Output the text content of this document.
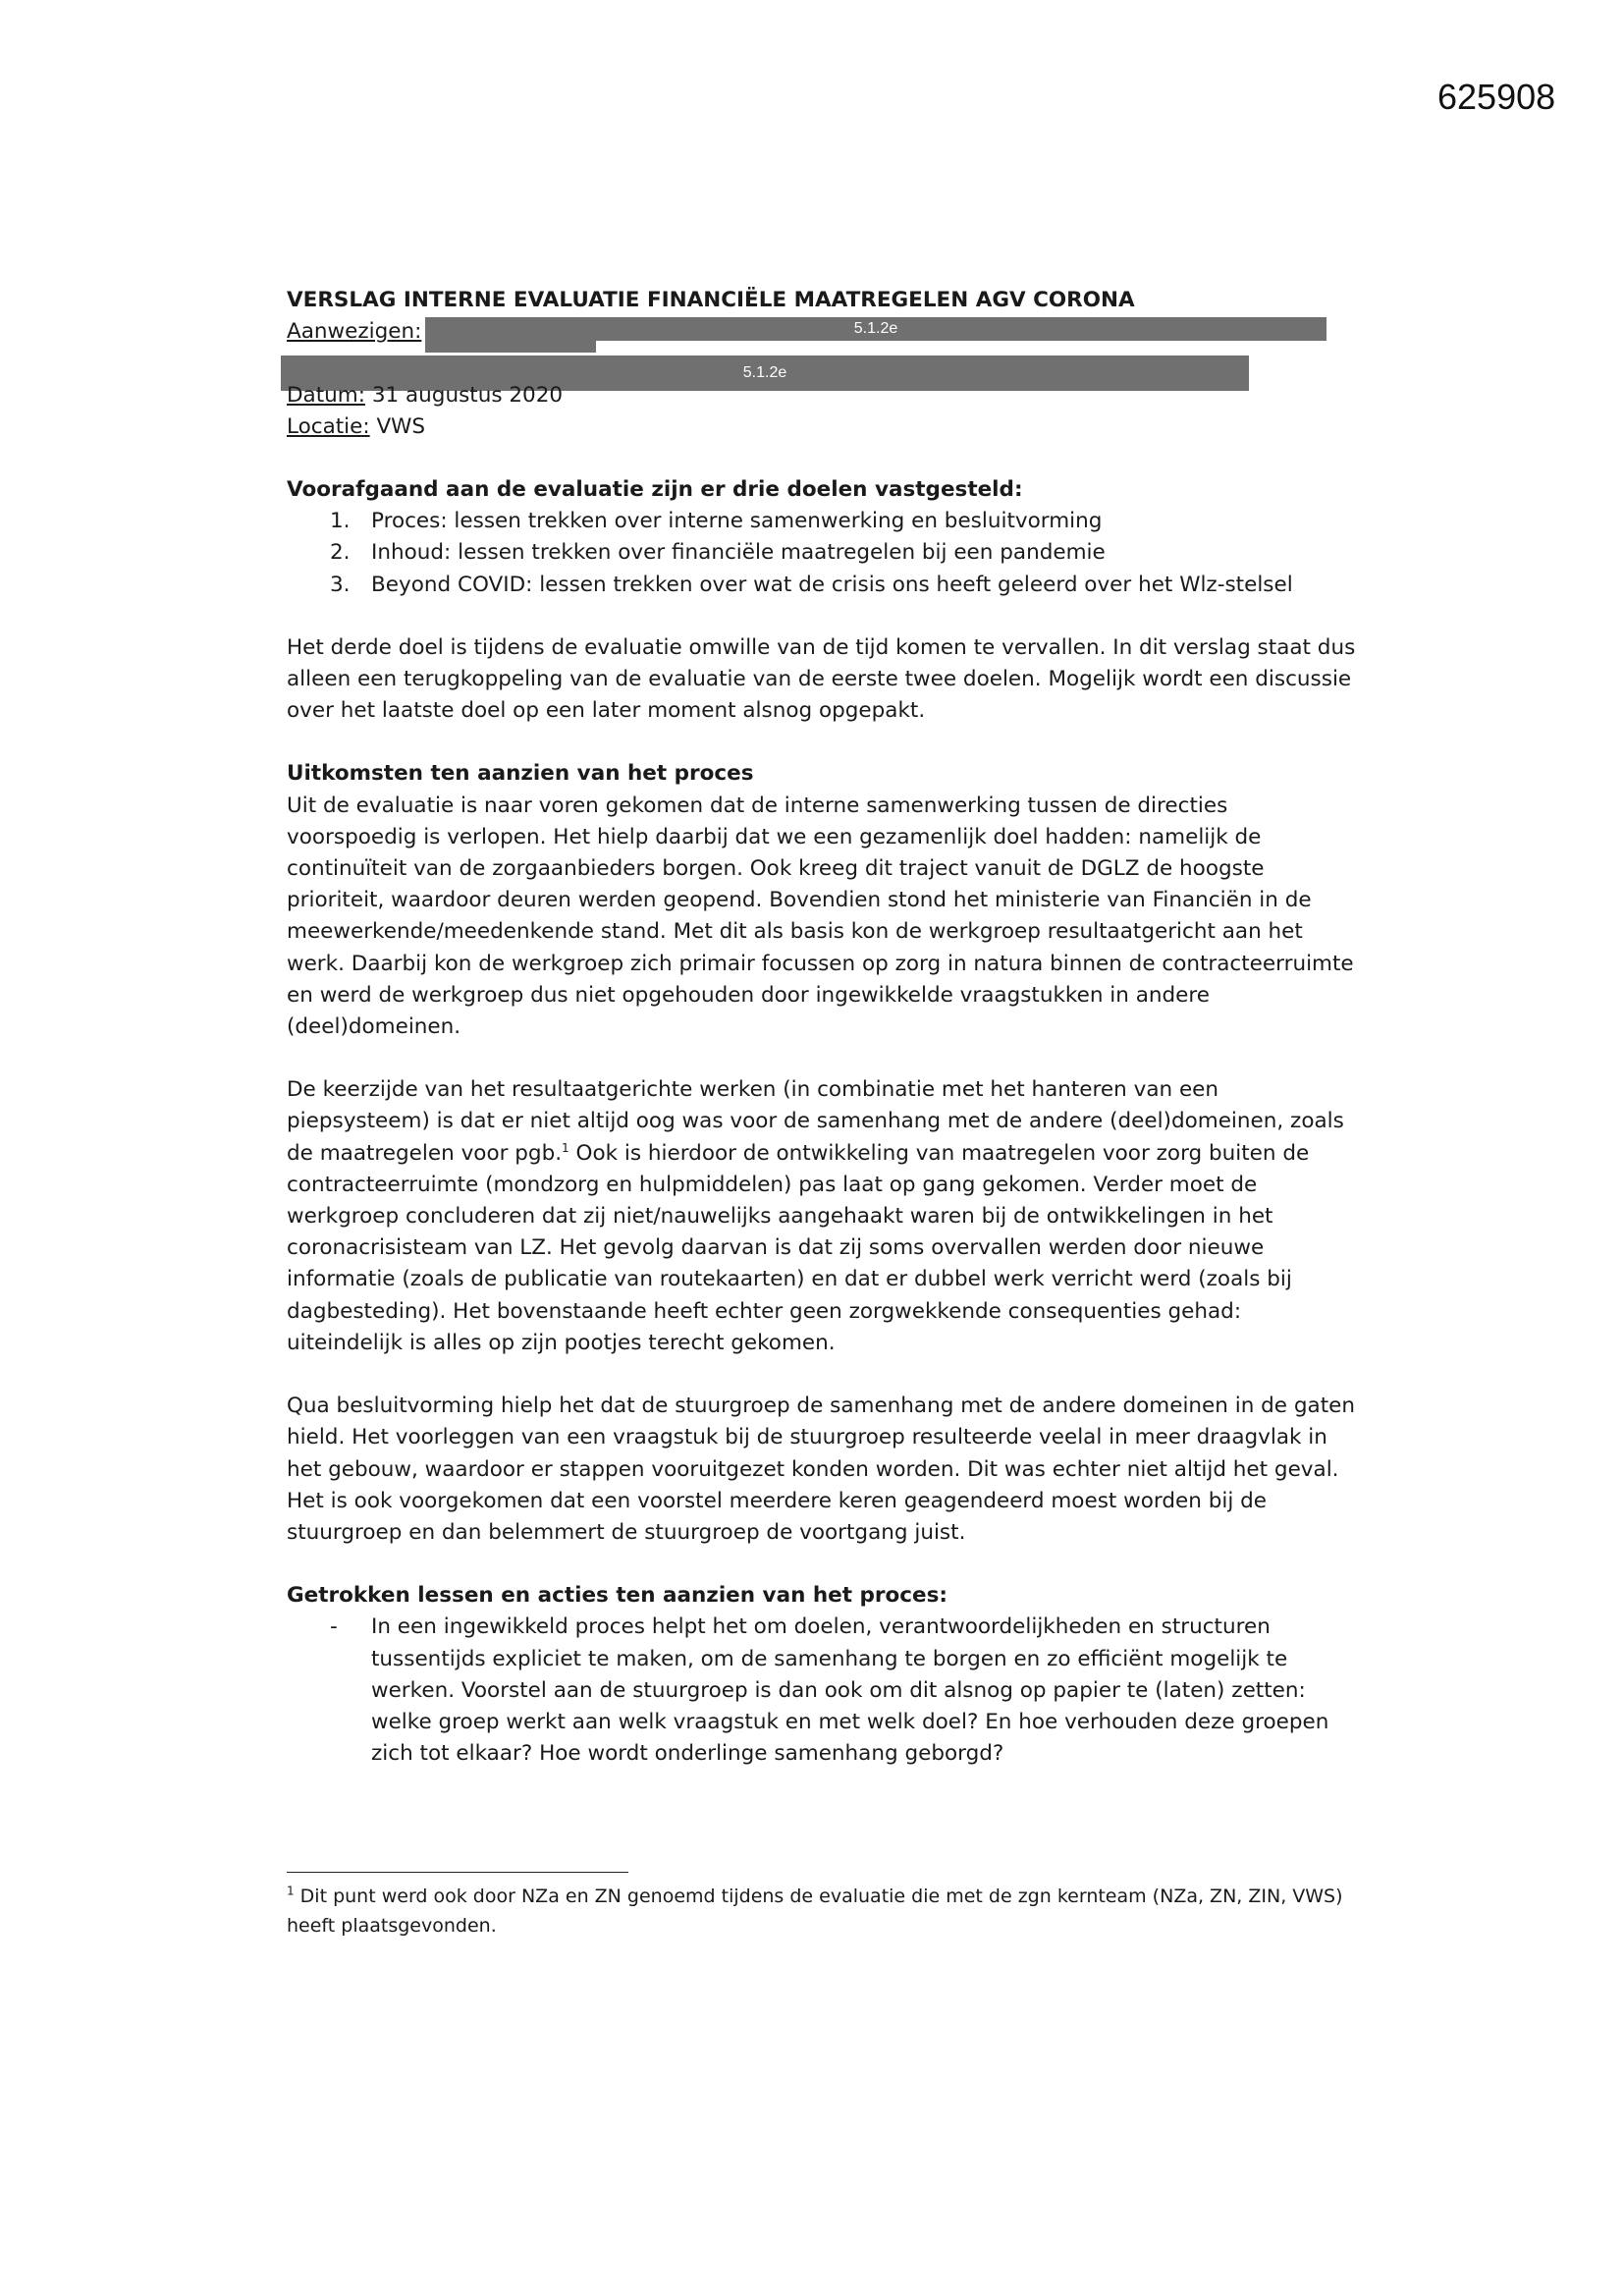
625908
5.1.2e
5.1.2e

VERSLAG INTERNE EVALUATIE FINANCIËLE MAATREGELEN AGV CORONA

Aanwezigen:

Datum: 31 augustus 2020

Locatie: VWS

Voorafgaand aan de evaluatie zijn er drie doelen vastgesteld:

1. Proces: lessen trekken over interne samenwerking en besluitvorming
2. Inhoud: lessen trekken over financiële maatregelen bij een pandemie
3. Beyond COVID: lessen trekken over wat de crisis ons heeft geleerd over het Wlz-stelsel

Het derde doel is tijdens de evaluatie omwille van de tijd komen te vervallen. In dit verslag staat dus alleen een terugkoppeling van de evaluatie van de eerste twee doelen. Mogelijk wordt een discussie over het laatste doel op een later moment alsnog opgepakt.

Uitkomsten ten aanzien van het proces

Uit de evaluatie is naar voren gekomen dat de interne samenwerking tussen de directies voorspoedig is verlopen. Het hielp daarbij dat we een gezamenlijk doel hadden: namelijk de continuïteit van de zorgaanbieders borgen. Ook kreeg dit traject vanuit de DGLZ de hoogste prioriteit, waardoor deuren werden geopend. Bovendien stond het ministerie van Financiën in de meewerkende/meedenkende stand. Met dit als basis kon de werkgroep resultaatgericht aan het werk. Daarbij kon de werkgroep zich primair focussen op zorg in natura binnen de contracteerruimte en werd de werkgroep dus niet opgehouden door ingewikkelde vraagstukken in andere (deel)domeinen.

De keerzijde van het resultaatgerichte werken (in combinatie met het hanteren van een piepsysteem) is dat er niet altijd oog was voor de samenhang met de andere (deel)domeinen, zoals de maatregelen voor pgb.$^1$ Ook is hierdoor de ontwikkeling van maatregelen voor zorg buiten de contracteerruimte (mondzorg en hulpmiddelen) pas laat op gang gekomen. Verder moet de werkgroep concluderen dat zij niet/nauwelijks aangehaakt waren bij de ontwikkelingen in het coronacrisisteam van LZ. Het gevolg daarvan is dat zij soms overvallen werden door nieuwe informatie (zoals de publicatie van routekaarten) en dat er dubbel werk verricht werd (zoals bij dagbesteding). Het bovenstaande heeft echter geen zorgwekkende consequenties gehad: uiteindelijk is alles op zijn pootjes terecht gekomen.

Qua besluitvorming hielp het dat de stuurgroep de samenhang met de andere domeinen in de gaten hield. Het voorleggen van een vraagstuk bij de stuurgroep resulteerde veelal in meer draagvlak in het gebouw, waardoor er stappen vooruitgezet konden worden. Dit was echter niet altijd het geval. Het is ook voorgekomen dat een voorstel meerdere keren geagendeerd moest worden bij de stuurgroep en dan belemmert de stuurgroep de voortgang juist.

Getrokken lessen en acties ten aanzien van het proces:

- In een ingewikkeld proces helpt het om doelen, verantwoordelijkheden en structuren tussentijds expliciet te maken, om de samenhang te borgen en zo efficiënt mogelijk te werken. Voorstel aan de stuurgroep is dan ook om dit alsnog op papier te (laten) zetten: welke groep werkt aan welk vraagstuk en met welk doel? En hoe verhouden deze groepen zich tot elkaar? Hoe wordt onderlinge samenhang geborgd?

$^1$ Dit punt werd ook door NZa en ZN genoemd tijdens de evaluatie die met de zgn kernteam (NZa, ZN, ZIN, VWS) heeft plaatsgevonden.
